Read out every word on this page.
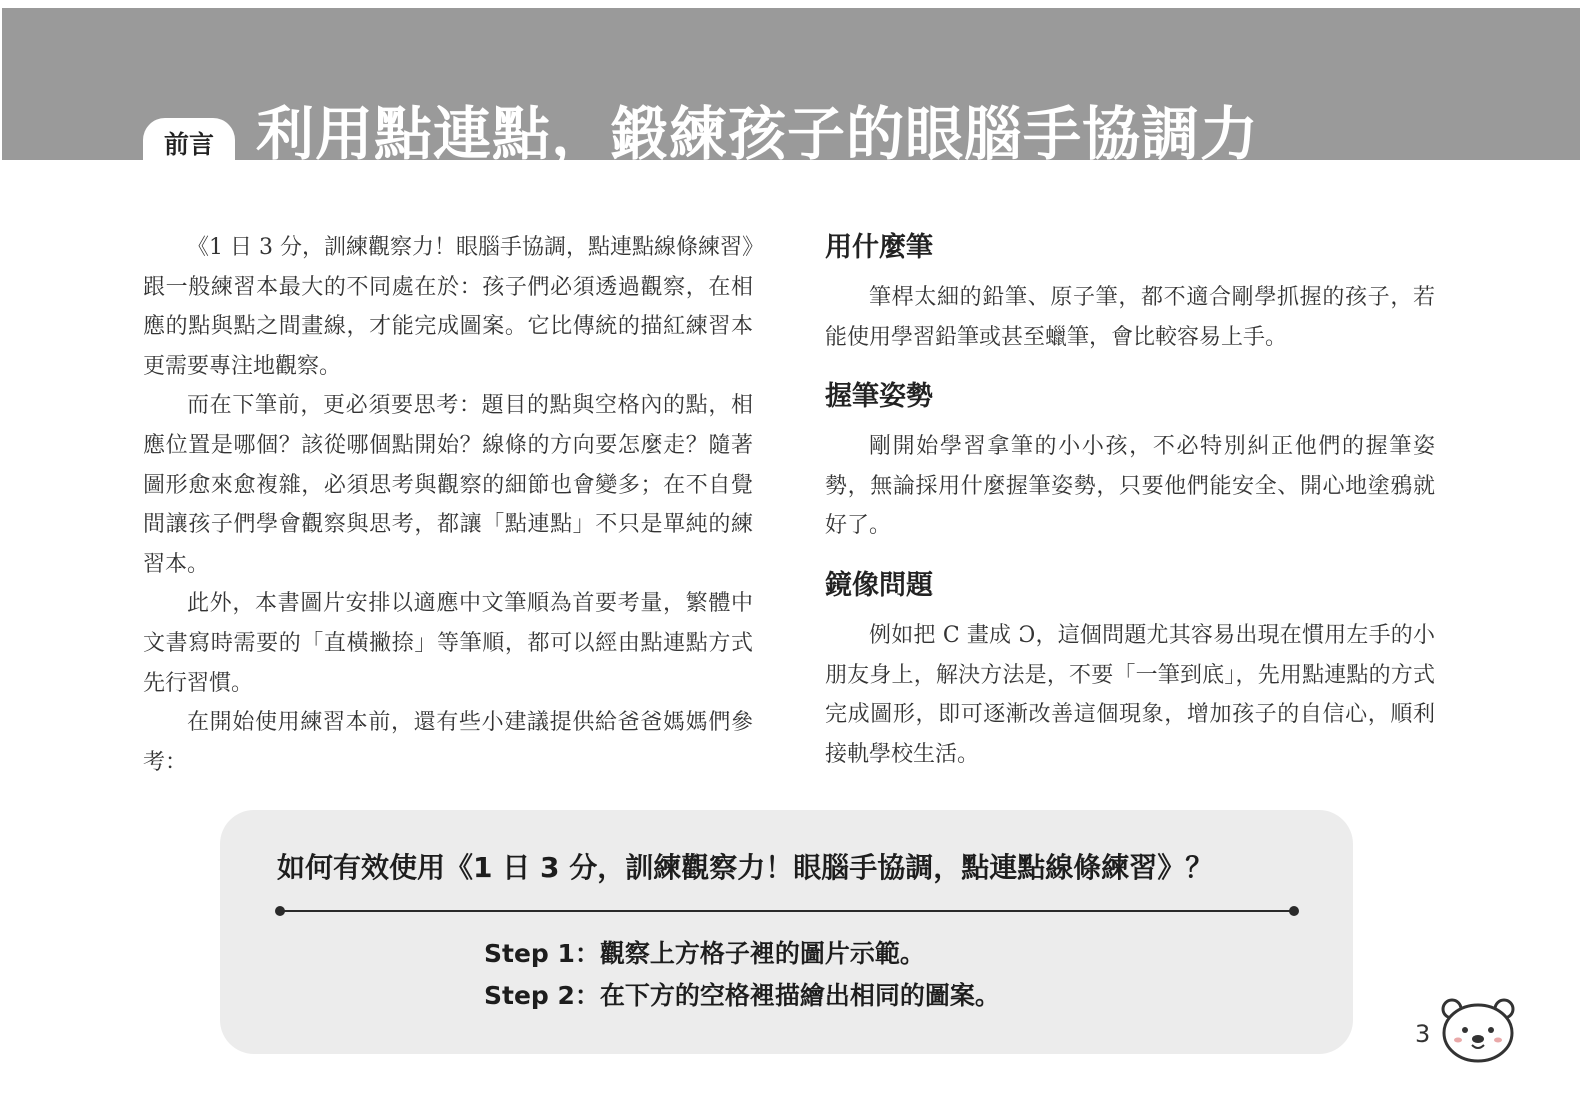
前言 利用點連點，鍛練孩子的眼腦手協調力

《1 日 3 分，訓練觀察力！眼腦手協調，點連點線條練習》跟一般練習本最大的不同處在於：孩子們必須透過觀察，在相應的點與點之間畫線，才能完成圖案。它比傳統的描紅練習本更需要專注地觀察。

而在下筆前，更必須要思考：題目的點與空格內的點，相應位置是哪個？該從哪個點開始？線條的方向要怎麼走？隨著圖形愈來愈複雜，必須思考與觀察的細節也會變多；在不自覺間讓孩子們學會觀察與思考，都讓「點連點」不只是單純的練習本。

此外，本書圖片安排以適應中文筆順為首要考量，繁體中文書寫時需要的「直橫撇捺」等筆順，都可以經由點連點方式先行習慣。

在開始使用練習本前，還有些小建議提供給爸爸媽媽們參考：

用什麼筆

筆桿太細的鉛筆、原子筆，都不適合剛學抓握的孩子，若能使用學習鉛筆或甚至蠟筆，會比較容易上手。

握筆姿勢

剛開始學習拿筆的小小孩，不必特別糾正他們的握筆姿勢，無論採用什麼握筆姿勢，只要他們能安全、開心地塗鴉就好了。

鏡像問題

例如把 C 畫成 Ɔ，這個問題尤其容易出現在慣用左手的小朋友身上，解決方法是，不要「一筆到底」，先用點連點的方式完成圖形，即可逐漸改善這個現象，增加孩子的自信心，順利接軌學校生活。

如何有效使用《1 日 3 分，訓練觀察力！眼腦手協調，點連點線條練習》？
Step 1：觀察上方格子裡的圖片示範。
Step 2：在下方的空格裡描繪出相同的圖案。
3
